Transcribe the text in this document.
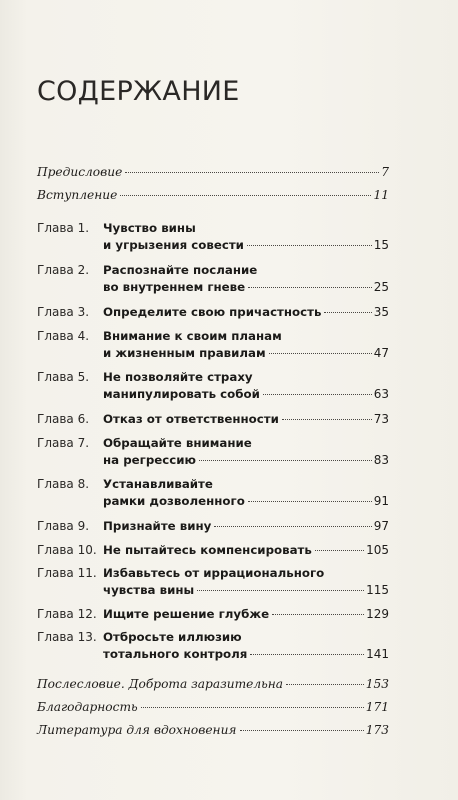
СОДЕРЖАНИЕ
Предисловие	7
Вступление	11
Глава 1.	Чувство вины
и угрызения совести	15
Глава 2.	Распознайте послание
во внутреннем гневе	25
Глава 3.	Определите свою причастность	35
Глава 4.	Внимание к своим планам
и жизненным правилам	47
Глава 5.	Не позволяйте страху
манипулировать собой	63
Глава 6.	Отказ от ответственности	73
Глава 7.	Обращайте внимание
на регрессию	83
Глава 8.	Устанавливайте
рамки дозволенного	91
Глава 9.	Признайте вину	97
Глава 10. Не пытайтесь компенсировать	105
Глава 11. Избавьтесь от иррационального
чувства вины	115
Глава 12. Ищите решение глубже	129
Глава 13. Отбросьте иллюзию
тотального контроля	141
Послесловие. Доброта заразительна	153
Благодарность	171
Литература для вдохновения	173
